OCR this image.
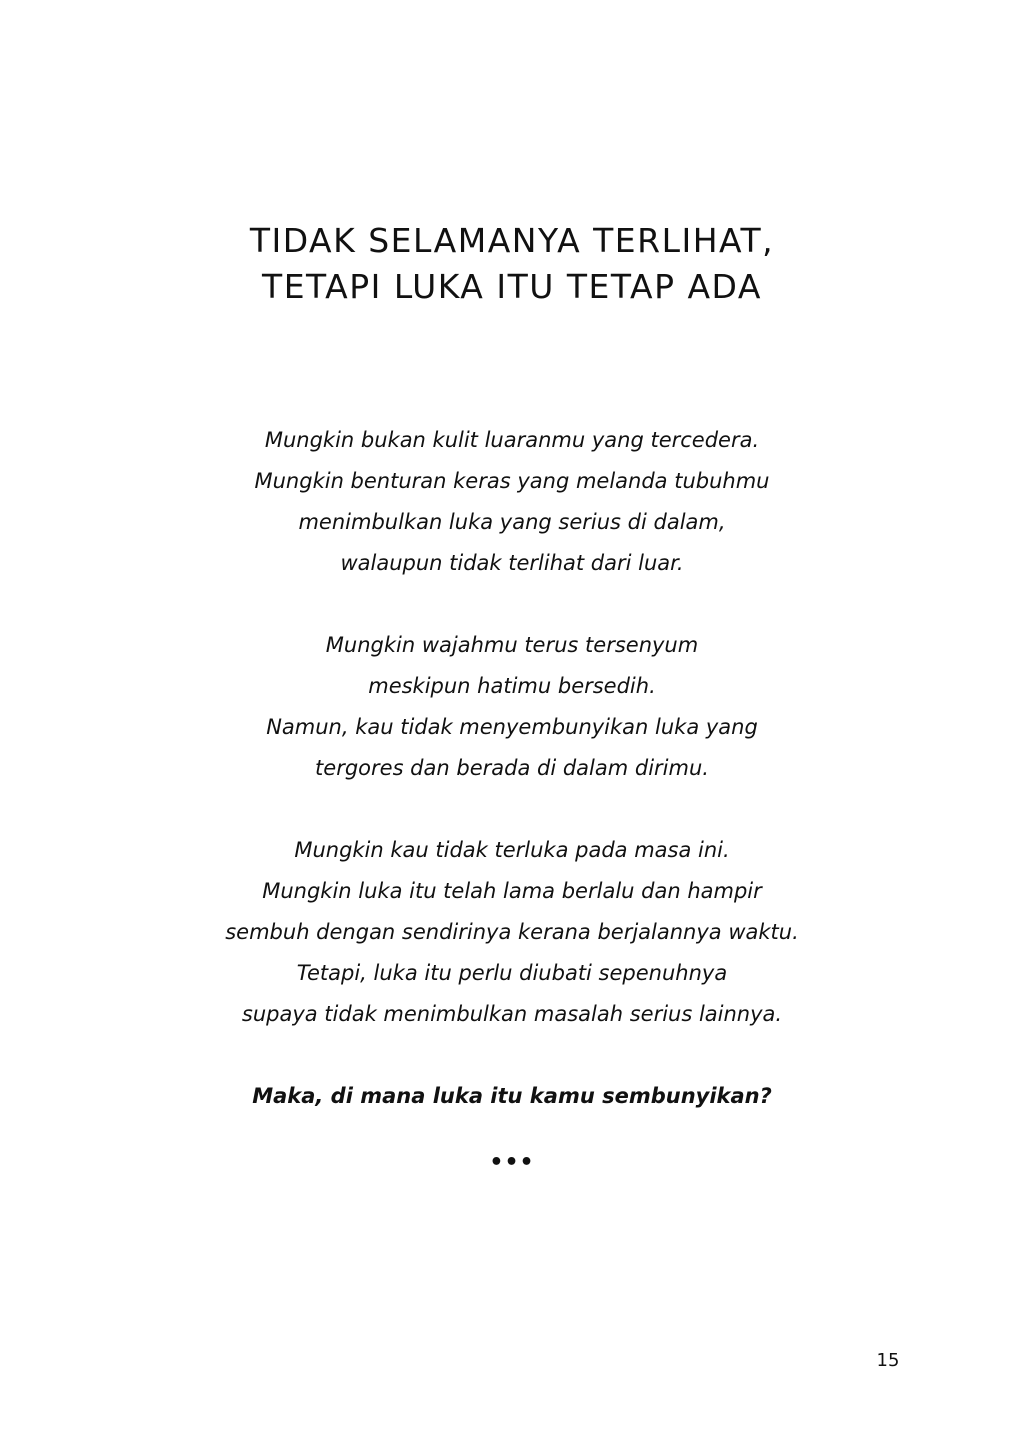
TIDAK SELAMANYA TERLIHAT,
TETAPI LUKA ITU TETAP ADA

Mungkin bukan kulit luaranmu yang tercedera.
Mungkin benturan keras yang melanda tubuhmu
menimbulkan luka yang serius di dalam,
walaupun tidak terlihat dari luar.

Mungkin wajahmu terus tersenyum
meskipun hatimu bersedih.
Namun, kau tidak menyembunyikan luka yang
tergores dan berada di dalam dirimu.

Mungkin kau tidak terluka pada masa ini.
Mungkin luka itu telah lama berlalu dan hampir
sembuh dengan sendirinya kerana berjalannya waktu.
Tetapi, luka itu perlu diubati sepenuhnya
supaya tidak menimbulkan masalah serius lainnya.

Maka, di mana luka itu kamu sembunyikan?

•••

15
